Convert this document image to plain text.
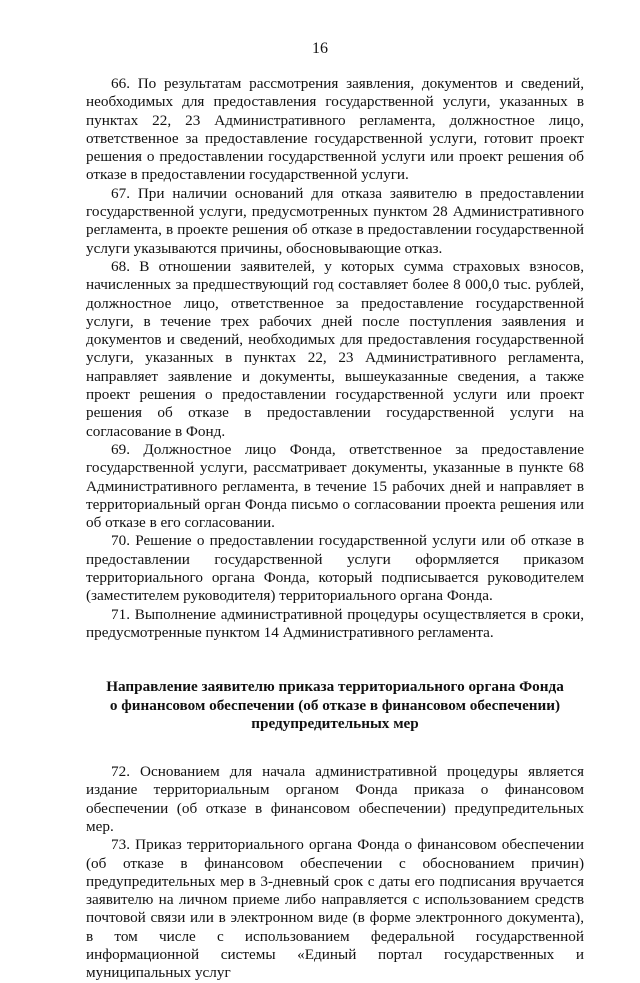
16

66. По результатам рассмотрения заявления, документов и сведений, необходимых для предоставления государственной услуги, указанных в пунктах 22, 23 Административного регламента, должностное лицо, ответственное за предоставление государственной услуги, готовит проект решения о предоставлении государственной услуги или проект решения об отказе в предоставлении государственной услуги.

67. При наличии оснований для отказа заявителю в предоставлении государственной услуги, предусмотренных пунктом 28 Административного регламента, в проекте решения об отказе в предоставлении государственной услуги указываются причины, обосновывающие отказ.

68. В отношении заявителей, у которых сумма страховых взносов, начисленных за предшествующий год составляет более 8 000,0 тыс. рублей, должностное лицо, ответственное за предоставление государственной услуги, в течение трех рабочих дней после поступления заявления и документов и сведений, необходимых для предоставления государственной услуги, указанных в пунктах 22, 23 Административного регламента, направляет заявление и документы, вышеуказанные сведения, а также проект решения о предоставлении государственной услуги или проект решения об отказе в предоставлении государственной услуги на согласование в Фонд.

69. Должностное лицо Фонда, ответственное за предоставление государственной услуги, рассматривает документы, указанные в пункте 68 Административного регламента, в течение 15 рабочих дней и направляет в территориальный орган Фонда письмо о согласовании проекта решения или об отказе в его согласовании.

70. Решение о предоставлении государственной услуги или об отказе в предоставлении государственной услуги оформляется приказом территориального органа Фонда, который подписывается руководителем (заместителем руководителя) территориального органа Фонда.

71. Выполнение административной процедуры осуществляется в сроки, предусмотренные пунктом 14 Административного регламента.

Направление заявителю приказа территориального органа Фонда
о финансовом обеспечении (об отказе в финансовом обеспечении)
предупредительных мер

72. Основанием для начала административной процедуры является издание территориальным органом Фонда приказа о финансовом обеспечении (об отказе в финансовом обеспечении) предупредительных мер.

73. Приказ территориального органа Фонда о финансовом обеспечении (об отказе в финансовом обеспечении с обоснованием причин) предупредительных мер в 3-дневный срок с даты его подписания вручается заявителю на личном приеме либо направляется с использованием средств почтовой связи или в электронном виде (в форме электронного документа), в том числе с использованием федеральной государственной информационной системы «Единый портал государственных и муниципальных услуг
